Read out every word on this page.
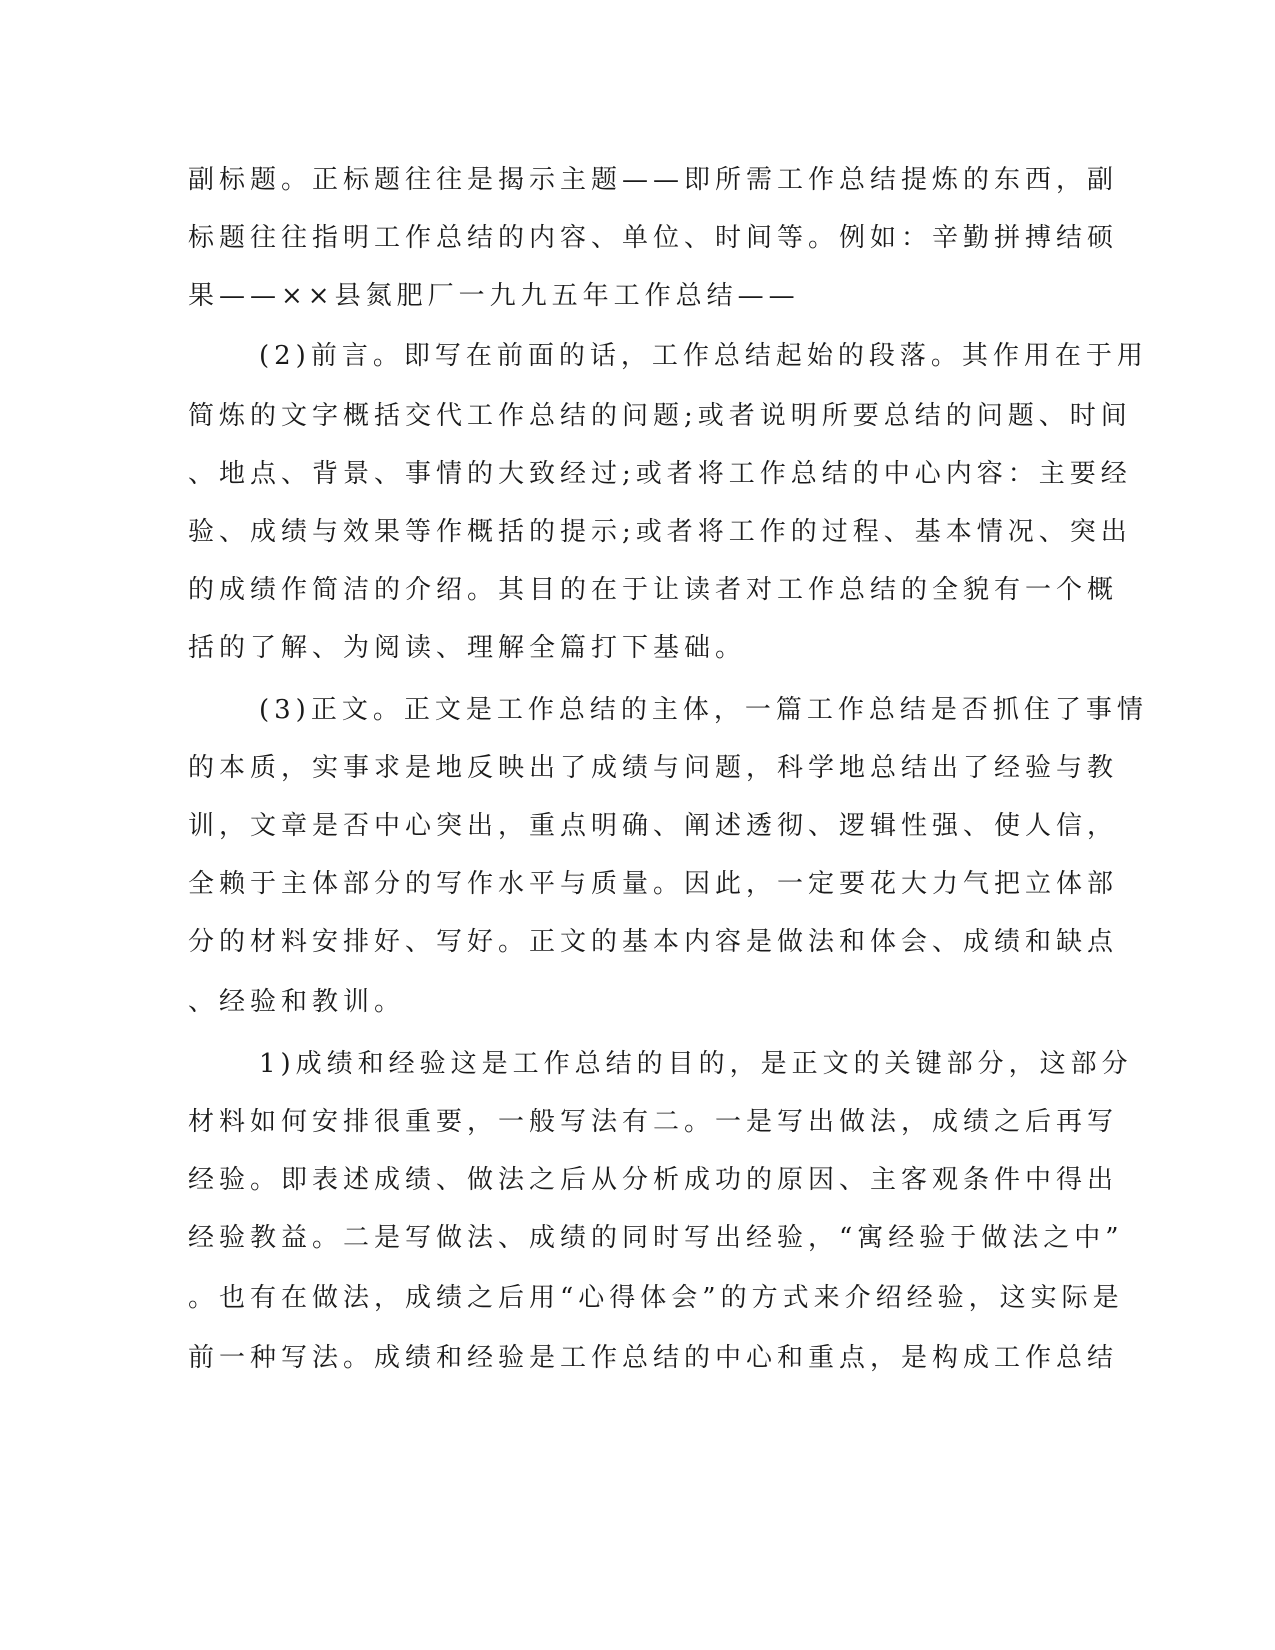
副标题。正标题往往是揭示主题——即所需工作总结提炼的东西，副
标题往往指明工作总结的内容、单位、时间等。例如：辛勤拼搏结硕
果——××县氮肥厂一九九五年工作总结——
(2)前言。即写在前面的话，工作总结起始的段落。其作用在于用
简炼的文字概括交代工作总结的问题;或者说明所要总结的问题、时间
、地点、背景、事情的大致经过;或者将工作总结的中心内容：主要经
验、成绩与效果等作概括的提示;或者将工作的过程、基本情况、突出
的成绩作简洁的介绍。其目的在于让读者对工作总结的全貌有一个概
括的了解、为阅读、理解全篇打下基础。
(3)正文。正文是工作总结的主体，一篇工作总结是否抓住了事情
的本质，实事求是地反映出了成绩与问题，科学地总结出了经验与教
训，文章是否中心突出，重点明确、阐述透彻、逻辑性强、使人信，
全赖于主体部分的写作水平与质量。因此，一定要花大力气把立体部
分的材料安排好、写好。正文的基本内容是做法和体会、成绩和缺点
、经验和教训。
1)成绩和经验这是工作总结的目的，是正文的关键部分，这部分
材料如何安排很重要，一般写法有二。一是写出做法，成绩之后再写
经验。即表述成绩、做法之后从分析成功的原因、主客观条件中得出
经验教益。二是写做法、成绩的同时写出经验，“寓经验于做法之中”
。也有在做法，成绩之后用“心得体会”的方式来介绍经验，这实际是
前一种写法。成绩和经验是工作总结的中心和重点，是构成工作总结
